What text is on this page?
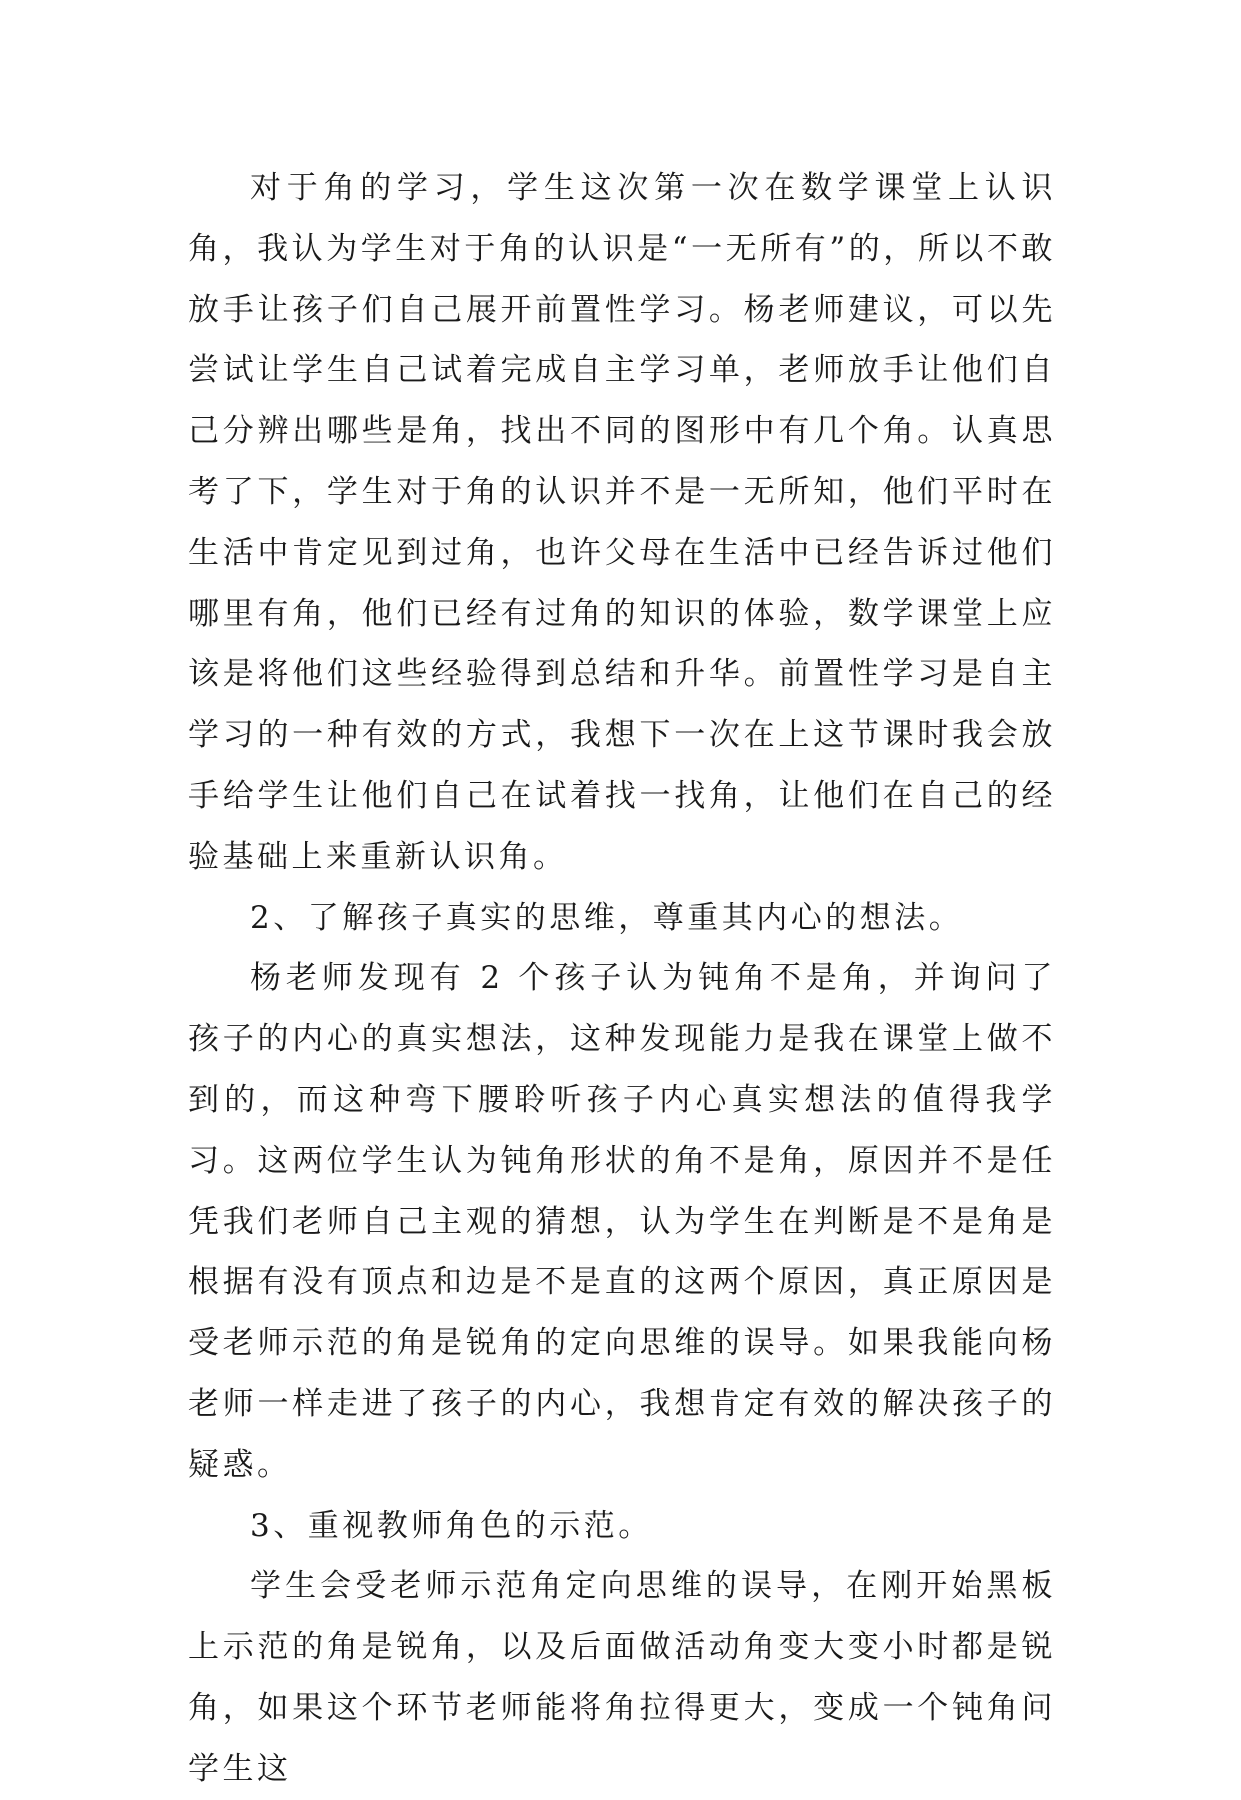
对于角的学习，学生这次第一次在数学课堂上认识角，我认为学生对于角的认识是“一无所有”的，所以不敢放手让孩子们自己展开前置性学习。杨老师建议，可以先尝试让学生自己试着完成自主学习单，老师放手让他们自己分辨出哪些是角，找出不同的图形中有几个角。认真思考了下，学生对于角的认识并不是一无所知，他们平时在生活中肯定见到过角，也许父母在生活中已经告诉过他们哪里有角，他们已经有过角的知识的体验，数学课堂上应该是将他们这些经验得到总结和升华。前置性学习是自主学习的一种有效的方式，我想下一次在上这节课时我会放手给学生让他们自己在试着找一找角，让他们在自己的经验基础上来重新认识角。

2、了解孩子真实的思维，尊重其内心的想法。

杨老师发现有 2 个孩子认为钝角不是角，并询问了孩子的内心的真实想法，这种发现能力是我在课堂上做不到的，而这种弯下腰聆听孩子内心真实想法的值得我学习。这两位学生认为钝角形状的角不是角，原因并不是任凭我们老师自己主观的猜想，认为学生在判断是不是角是根据有没有顶点和边是不是直的这两个原因，真正原因是受老师示范的角是锐角的定向思维的误导。如果我能向杨老师一样走进了孩子的内心，我想肯定有效的解决孩子的疑惑。

3、重视教师角色的示范。

学生会受老师示范角定向思维的误导，在刚开始黑板上示范的角是锐角，以及后面做活动角变大变小时都是锐角，如果这个环节老师能将角拉得更大，变成一个钝角问学生这
